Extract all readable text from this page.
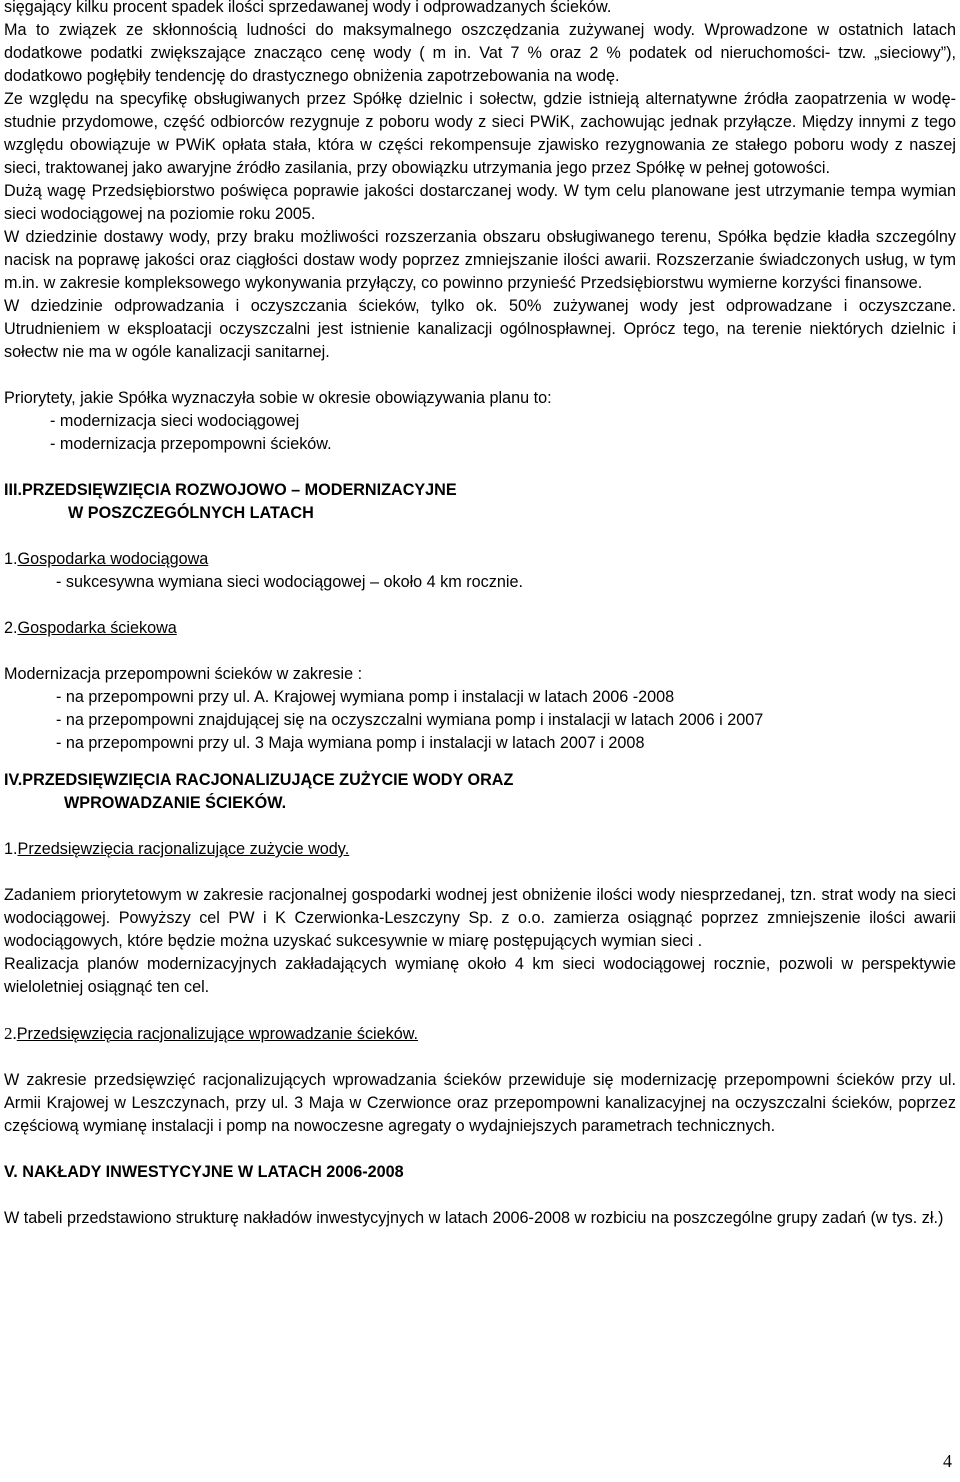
sięgający kilku procent spadek ilości sprzedawanej wody i odprowadzanych ścieków.

Ma to związek ze skłonnością ludności do maksymalnego oszczędzania zużywanej wody. Wprowadzone w ostatnich latach dodatkowe podatki zwiększające znacząco cenę wody ( m in. Vat 7 % oraz 2 % podatek od nieruchomości- tzw. „sieciowy”), dodatkowo pogłębiły tendencję do drastycznego obniżenia zapotrzebowania na wodę.

Ze względu na specyfikę obsługiwanych przez Spółkę dzielnic i sołectw, gdzie istnieją alternatywne źródła zaopatrzenia w wodę- studnie przydomowe, część odbiorców rezygnuje z poboru wody z sieci PWiK, zachowując jednak przyłącze. Między innymi z tego względu obowiązuje w PWiK opłata stała, która w części rekompensuje zjawisko rezygnowania ze stałego poboru wody z naszej sieci, traktowanej jako awaryjne źródło zasilania, przy obowiązku utrzymania jego przez Spółkę w pełnej gotowości.

Dużą wagę Przedsiębiorstwo poświęca poprawie jakości dostarczanej wody. W tym celu planowane jest utrzymanie tempa wymian sieci wodociągowej na poziomie roku 2005.

W dziedzinie dostawy wody, przy braku możliwości rozszerzania obszaru obsługiwanego terenu, Spółka będzie kładła szczególny nacisk na poprawę jakości oraz ciągłości dostaw wody poprzez zmniejszanie ilości awarii. Rozszerzanie świadczonych usług, w tym m.in. w zakresie kompleksowego wykonywania przyłączy, co powinno przynieść Przedsiębiorstwu wymierne korzyści finansowe.

W dziedzinie odprowadzania i oczyszczania ścieków, tylko ok. 50% zużywanej wody jest odprowadzane i oczyszczane. Utrudnieniem w eksploatacji oczyszczalni jest istnienie kanalizacji ogólnospławnej. Oprócz tego, na terenie niektórych dzielnic i sołectw nie ma w ogóle kanalizacji sanitarnej.

Priorytety, jakie Spółka wyznaczyła sobie w okresie obowiązywania planu to:

- modernizacja sieci wodociągowej

- modernizacja przepompowni ścieków.

III.PRZEDSIĘWZIĘCIA ROZWOJOWO – MODERNIZACYJNE
W POSZCZEGÓLNYCH LATACH

1.Gospodarka wodociągowa

- sukcesywna wymiana sieci wodociągowej – około 4 km rocznie.

2.Gospodarka ściekowa

Modernizacja przepompowni ścieków w zakresie :

- na przepompowni przy ul. A. Krajowej wymiana pomp i instalacji w latach 2006 -2008

- na przepompowni znajdującej się na oczyszczalni wymiana pomp i instalacji w latach 2006 i 2007

- na przepompowni przy ul. 3 Maja wymiana pomp i instalacji w latach 2007 i 2008

IV.PRZEDSIĘWZIĘCIA RACJONALIZUJĄCE ZUŻYCIE WODY ORAZ
WPROWADZANIE ŚCIEKÓW.

1.Przedsięwzięcia racjonalizujące zużycie wody.

Zadaniem priorytetowym w zakresie racjonalnej gospodarki wodnej jest obniżenie ilości wody niesprzedanej, tzn. strat wody na sieci wodociągowej. Powyższy cel PW i K Czerwionka-Leszczyny Sp. z o.o. zamierza osiągnąć poprzez zmniejszenie ilości awarii wodociągowych, które będzie można uzyskać sukcesywnie w miarę postępujących wymian sieci .

Realizacja planów modernizacyjnych zakładających wymianę około 4 km sieci wodociągowej rocznie, pozwoli w perspektywie wieloletniej osiągnąć ten cel.

2.Przedsięwzięcia racjonalizujące wprowadzanie ścieków.

W zakresie przedsięwzięć racjonalizujących wprowadzania ścieków przewiduje się modernizację przepompowni ścieków przy ul. Armii Krajowej w Leszczynach, przy ul. 3 Maja w Czerwionce oraz przepompowni kanalizacyjnej na oczyszczalni ścieków, poprzez częściową wymianę instalacji i pomp na nowoczesne agregaty o wydajniejszych parametrach technicznych.

V. NAKŁADY INWESTYCYJNE W LATACH 2006-2008

W tabeli przedstawiono strukturę nakładów inwestycyjnych w latach 2006-2008 w rozbiciu na poszczególne grupy zadań (w tys. zł.)

4
